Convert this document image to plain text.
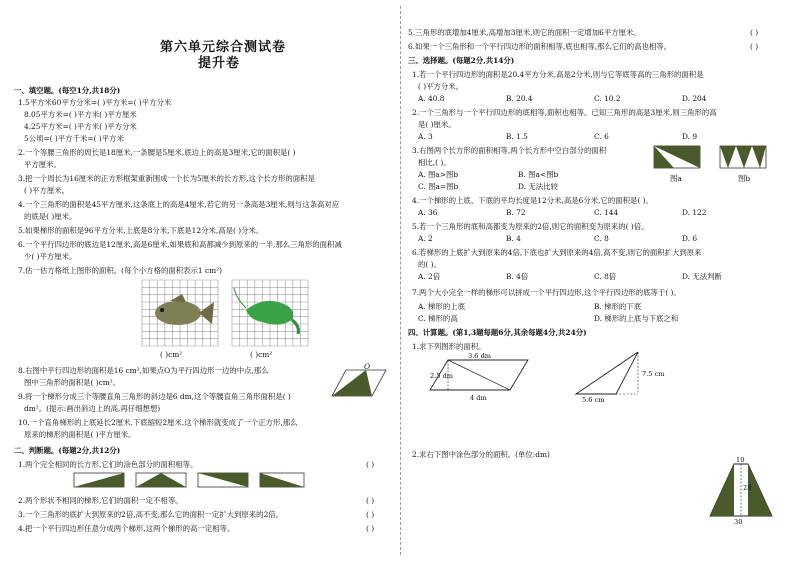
第六单元综合测试卷
提升卷
一、填空题。(每空1分,共18分)
1.5平方米60平方分米=( )平方米=( )平方分米
8.05平方米=( )平方米( )平方厘米
4.25平方米=( )平方米( )平方分米
5公顷=( )平方千米=( )平方米
2.一个等腰三角形的周长是18厘米,一条腰是5厘米,底边上的高是3厘米,它的面积是( )
平方厘米。
3.把一个周长为16厘米的正方形框架重新围成一个长为5厘米的长方形,这个长方形的面积是
( )平方厘米。
4.一个三角形的面积是45平方厘米,这条底上的高是4厘米,若它的另一条高是3厘米,则与这条高对应
的底是( )厘米。
5.如果梯形的面积是96平方分米,上底是8分米,下底是12分米,高是( )分米。
6.一个平行四边形的底边是12厘米,高是6厘米,如果底和高都减少到原来的一半,那么三角形的面积减
少( )平方厘米。
7.估一估方格纸上图形的面积。(每个小方格的面积表示1 cm²)
( )cm²	( )cm²
8.右图中平行四边形的面积是16 cm²,如果点O为平行四边形一边的中点,那么
图中三角形的面积是( )cm²。
O
9.将一个梯形分成三个等腰直角三角形的斜边是6 dm,这个等腰直角三角形面积是( )
dm²。(提示:画出斜边上的高,再仔细想想)
10.一个直角梯形的上底延长2厘米,下底缩短2厘米,这个梯形就变成了一个正方形,那么
原来的梯形的面积是( )平方厘米。
二、判断题。(每题2分,共12分)
1.两个完全相同的长方形,它们的涂色部分的面积相等。	( )
2.两个形状不相同的梯形,它们的面积一定不相等。	( )
3.一个三角形的底扩大到原来的2倍,高不变,那么它的面积一定扩大到原来的2倍。	( )
4.把一个平行四边形任意分成两个梯形,这两个梯形的高一定相等。	( )
5.三角形的底增加4厘米,高增加3厘米,则它的面积一定增加6平方厘米。	( )
6.如果一个三角形和一个平行四边形的面积相等,底也相等,那么它们的高也相等。	( )
三、选择题。(每题2分,共14分)
1.若一个平行四边形的面积是20.4平方分米,高是2分米,则与它等底等高的三角形的面积是
( )平方分米。
A. 40.8	B. 20.4	C. 10.2	D. 204
2.一个三角形与一个平行四边形的底相等,面积也相等。已知三角形的高是3厘米,则三角形的高
是( )厘米。
A. 3	B. 1.5	C. 6	D. 9
3.右图两个长方形的面积相等,两个长方形中空白部分的面积
相比,( )。
A. 图a>图b	B. 图a<图b
C. 图a=图b	D. 无法比较
图a	图b
4.一个梯形的上底、下底的平均长度是12分米,高是6分米,它的面积是( )。
A. 36	B. 72	C. 144	D. 122
5.若一个三角形的底和高都变为原来的2倍,则它的面积变为原来的( )倍。
A. 2	B. 4	C. 8	D. 6
6.若梯形的上底扩大到原来的4倍,下底也扩大到原来的4倍,高不变,则它的面积扩大到原来
的( )。
A. 2倍	B. 4倍	C. 8倍	D. 无法判断
7.两个大小完全一样的梯形可以拼成一个平行四边形,这个平行四边形的底等于( )。
A. 梯形的上底	B. 梯形的下底
C. 梯形的高	D. 梯形的上底与下底之和
四、计算题。(第1,3题每题6分,其余每题4分,共24分)
1.求下列图形的面积。
3.6 dm
2.5 dm
4 dm
7.5 cm
5.6 cm
2.求右下图中涂色部分的面积。(单位:dm)
10
28
30
